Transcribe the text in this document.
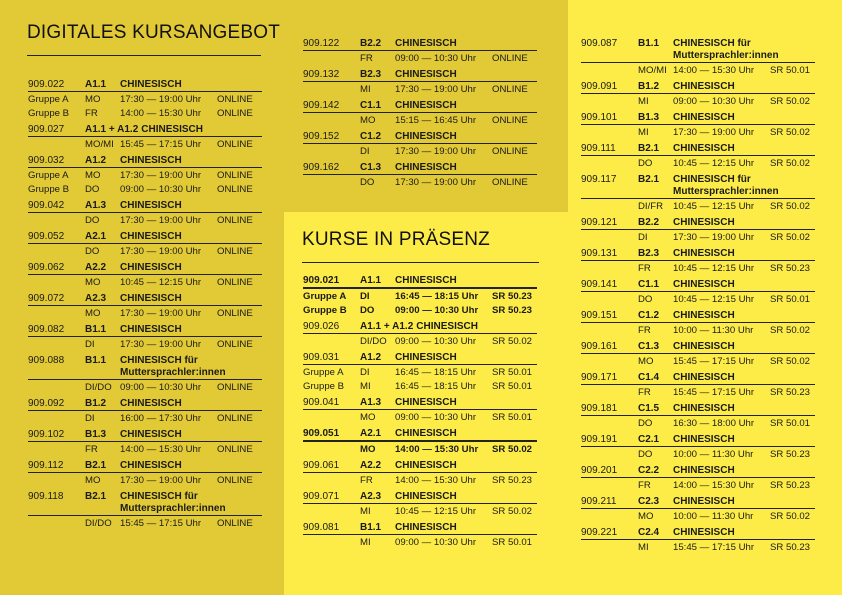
DIGITALES KURSANGEBOT
KURSE IN PRÄSENZ
909.022	A1.1	CHINESISCH
Gruppe A	MO	17:30 — 19:00 Uhr	ONLINE
Gruppe B	FR	14:00 — 15:30 Uhr	ONLINE
909.027	A1.1 + A1.2 CHINESISCH
MO/MI 15:45 — 17:15 Uhr	ONLINE
909.032	A1.2	CHINESISCH
Gruppe A	MO	17:30 — 19:00 Uhr	ONLINE
Gruppe B	DO	09:00 — 10:30 Uhr	ONLINE
909.042	A1.3	CHINESISCH
DO	17:30 — 19:00 Uhr	ONLINE
909.052	A2.1	CHINESISCH
DO	17:30 — 19:00 Uhr	ONLINE
909.062	A2.2	CHINESISCH
MO	10:45 — 12:15 Uhr	ONLINE
909.072	A2.3	CHINESISCH
MO	17:30 — 19:00 Uhr	ONLINE
909.082	B1.1	CHINESISCH
DI	17:30 — 19:00 Uhr	ONLINE
909.088	B1.1	CHINESISCH für
Muttersprachler:innen
DI/DO 09:00 — 10:30 Uhr	ONLINE
909.092	B1.2	CHINESISCH
DI	16:00 — 17:30 Uhr	ONLINE
909.102	B1.3	CHINESISCH
FR	14:00 — 15:30 Uhr	ONLINE
909.112	B2.1	CHINESISCH
MO	17:30 — 19:00 Uhr	ONLINE
909.118	B2.1	CHINESISCH für
Muttersprachler:innen
DI/DO 15:45 — 17:15 Uhr	ONLINE
909.122	B2.2	CHINESISCH
FR	09:00 — 10:30 Uhr	ONLINE
909.132	B2.3	CHINESISCH
MI	17:30 — 19:00 Uhr	ONLINE
909.142	C1.1	CHINESISCH
MO	15:15 — 16:45 Uhr	ONLINE
909.152	C1.2	CHINESISCH
DI	17:30 — 19:00 Uhr	ONLINE
909.162	C1.3	CHINESISCH
DO	17:30 — 19:00 Uhr	ONLINE
909.021	A1.1	CHINESISCH
Gruppe A	DI	16:45 — 18:15 Uhr	SR 50.23
Gruppe B	DO	09:00 — 10:30 Uhr	SR 50.23
909.026	A1.1 + A1.2 CHINESISCH
DI/DO 09:00 — 10:30 Uhr	SR 50.02
909.031	A1.2	CHINESISCH
Gruppe A	DI	16:45 — 18:15 Uhr	SR 50.01
Gruppe B	MI	16:45 — 18:15 Uhr	SR 50.01
909.041	A1.3	CHINESISCH
MO	09:00 — 10:30 Uhr	SR 50.01
909.051	A2.1	CHINESISCH
MO	14:00 — 15:30 Uhr	SR 50.02
909.061	A2.2	CHINESISCH
FR	14:00 — 15:30 Uhr	SR 50.23
909.071	A2.3	CHINESISCH
MI	10:45 — 12:15 Uhr	SR 50.02
909.081	B1.1	CHINESISCH
MI	09:00 — 10:30 Uhr	SR 50.01
909.087	B1.1	CHINESISCH für
Muttersprachler:innen
MO/MI 14:00 — 15:30 Uhr	SR 50.01
909.091	B1.2	CHINESISCH
MI	09:00 — 10:30 Uhr	SR 50.02
909.101	B1.3	CHINESISCH
MI	17:30 — 19:00 Uhr	SR 50.02
909.111	B2.1	CHINESISCH
DO	10:45 — 12:15 Uhr	SR 50.02
909.117	B2.1	CHINESISCH für
Muttersprachler:innen
DI/FR	10:45 — 12:15 Uhr	SR 50.02
909.121	B2.2	CHINESISCH
DI	17:30 — 19:00 Uhr	SR 50.02
909.131	B2.3	CHINESISCH
FR	10:45 — 12:15 Uhr	SR 50.23
909.141	C1.1	CHINESISCH
DO	10:45 — 12:15 Uhr	SR 50.01
909.151	C1.2	CHINESISCH
FR	10:00 — 11:30 Uhr	SR 50.02
909.161	C1.3	CHINESISCH
MO	15:45 — 17:15 Uhr	SR 50.02
909.171	C1.4	CHINESISCH
FR	15:45 — 17:15 Uhr	SR 50.23
909.181	C1.5	CHINESISCH
DO	16:30 — 18:00 Uhr	SR 50.01
909.191	C2.1	CHINESISCH
DO	10:00 — 11:30 Uhr	SR 50.23
909.201	C2.2	CHINESISCH
FR	14:00 — 15:30 Uhr	SR 50.23
909.211	C2.3	CHINESISCH
MO	10:00 — 11:30 Uhr	SR 50.02
909.221	C2.4	CHINESISCH
MI	15:45 — 17:15 Uhr	SR 50.23
